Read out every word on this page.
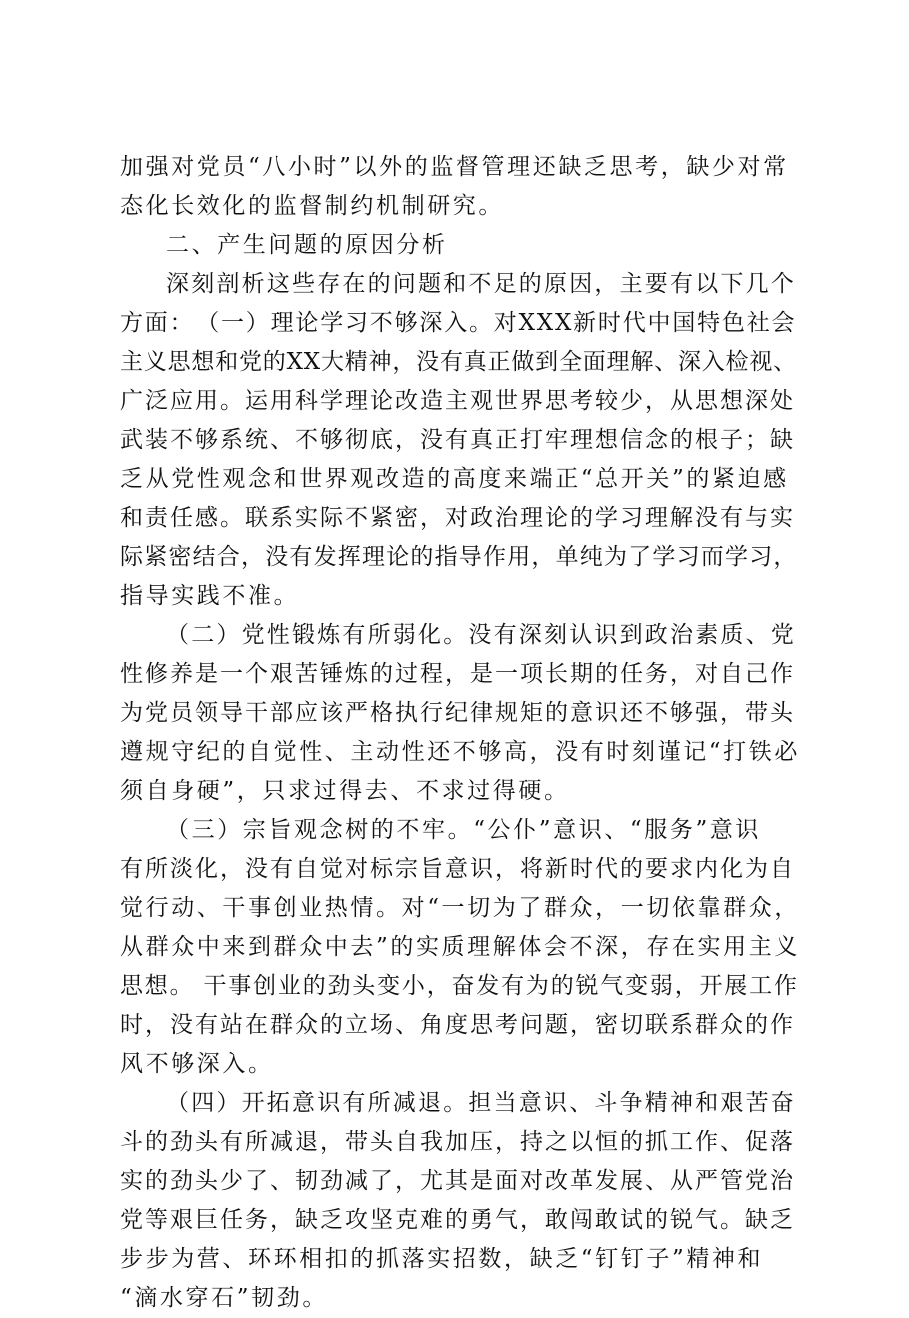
加强对党员“八小时”以外的监督管理还缺乏思考，缺少对常
态化长效化的监督制约机制研究。
二、产生问题的原因分析
深刻剖析这些存在的问题和不足的原因，主要有以下几个
方面：　（一）理论学习不够深入。对XXX新时代中国特色社会
主义思想和党的XX大精神，没有真正做到全面理解、深入检视、
广泛应用。运用科学理论改造主观世界思考较少，从思想深处
武装不够系统、不够彻底，没有真正打牢理想信念的根子；缺
乏从党性观念和世界观改造的高度来端正“总开关”的紧迫感
和责任感。联系实际不紧密，对政治理论的学习理解没有与实
际紧密结合，没有发挥理论的指导作用，单纯为了学习而学习，
指导实践不准。
（二）党性锻炼有所弱化。没有深刻认识到政治素质、党
性修养是一个艰苦锤炼的过程，是一项长期的任务，对自己作
为党员领导干部应该严格执行纪律规矩的意识还不够强，带头
遵规守纪的自觉性、主动性还不够高，没有时刻谨记“打铁必
须自身硬”，只求过得去、不求过得硬。
（三）宗旨观念树的不牢。“公仆”意识、“服务”意识
有所淡化，没有自觉对标宗旨意识，将新时代的要求内化为自
觉行动、干事创业热情。对“一切为了群众，一切依靠群众，
从群众中来到群众中去”的实质理解体会不深，存在实用主义
思想。 干事创业的劲头变小，奋发有为的锐气变弱，开展工作
时，没有站在群众的立场、角度思考问题，密切联系群众的作
风不够深入。
（四）开拓意识有所减退。担当意识、斗争精神和艰苦奋
斗的劲头有所减退，带头自我加压，持之以恒的抓工作、促落
实的劲头少了、韧劲减了，尤其是面对改革发展、从严管党治
党等艰巨任务，缺乏攻坚克难的勇气，敢闯敢试的锐气。缺乏
步步为营、环环相扣的抓落实招数，缺乏“钉钉子”精神和
“滴水穿石”韧劲。
